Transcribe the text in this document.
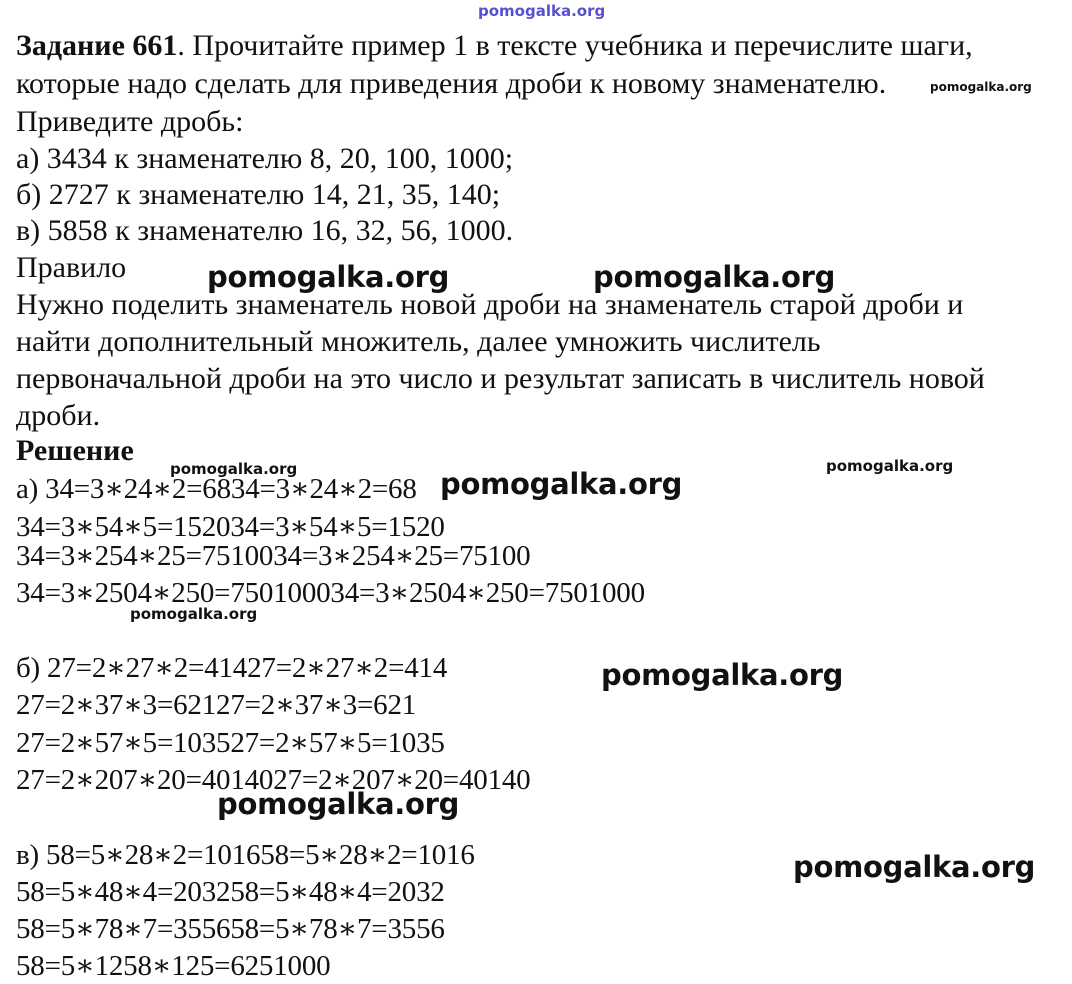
pomogalka.org
Задание 661. Прочитайте пример 1 в тексте учебника и перечислите шаги,
которые надо сделать для приведения дроби к новому знаменателю.	pomogalka.org
Приведите дробь:
а) 3434 к знаменателю 8, 20, 100, 1000;
б) 2727 к знаменателю 14, 21, 35, 140;
в) 5858 к знаменателю 16, 32, 56, 1000.
Правило	pomogalka.org	pomogalka.org
Нужно поделить знаменатель новой дроби на знаменатель старой дроби и
найти дополнительный множитель, далее умножить числитель
первоначальной дроби на это число и результат записать в числитель новой
дроби.
Решение
pomogalka.org	pomogalka.org
а) 34=3∗24∗2=6834=3∗24∗2=68 pomogalka.org
34=3∗54∗5=152034=3∗54∗5=1520
34=3∗254∗25=7510034=3∗254∗25=75100
34=3∗2504∗250=750100034=3∗2504∗250=7501000
pomogalka.org
б) 27=2∗27∗2=41427=2∗27∗2=414	pomogalka.org
27=2∗37∗3=62127=2∗37∗3=621
27=2∗57∗5=103527=2∗57∗5=1035
27=2∗207∗20=4014027=2∗207∗20=40140
pomogalka.org
в) 58=5∗28∗2=101658=5∗28∗2=1016	pomogalka.org
58=5∗48∗4=203258=5∗48∗4=2032
58=5∗78∗7=355658=5∗78∗7=3556
58=5∗1258∗125=6251000
